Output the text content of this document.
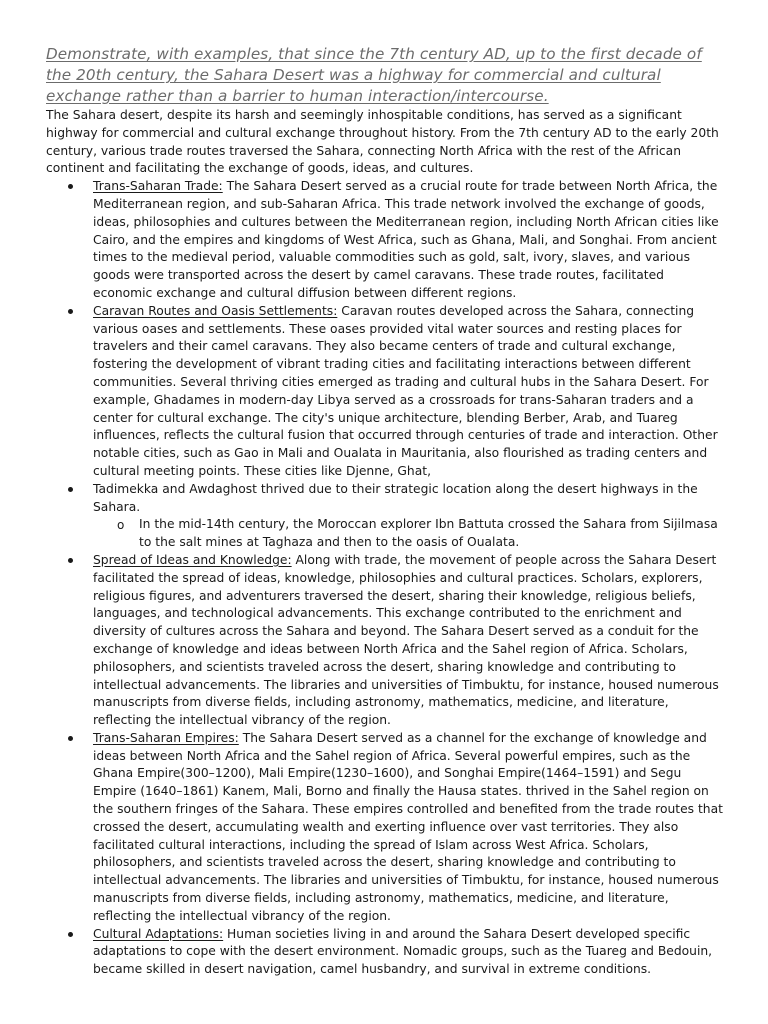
Demonstrate, with examples, that since the 7th century AD, up to the first decade of the 20th century, the Sahara Desert was a highway for commercial and cultural exchange rather than a barrier to human interaction/intercourse.

The Sahara desert, despite its harsh and seemingly inhospitable conditions, has served as a significant highway for commercial and cultural exchange throughout history. From the 7th century AD to the early 20th century, various trade routes traversed the Sahara, connecting North Africa with the rest of the African continent and facilitating the exchange of goods, ideas, and cultures.

Trans-Saharan Trade: The Sahara Desert served as a crucial route for trade between North Africa, the Mediterranean region, and sub-Saharan Africa. This trade network involved the exchange of goods, ideas, philosophies and cultures between the Mediterranean region, including North African cities like Cairo, and the empires and kingdoms of West Africa, such as Ghana, Mali, and Songhai. From ancient times to the medieval period, valuable commodities such as gold, salt, ivory, slaves, and various goods were transported across the desert by camel caravans. These trade routes, facilitated economic exchange and cultural diffusion between different regions.
Caravan Routes and Oasis Settlements: Caravan routes developed across the Sahara, connecting various oases and settlements. These oases provided vital water sources and resting places for travelers and their camel caravans. They also became centers of trade and cultural exchange, fostering the development of vibrant trading cities and facilitating interactions between different communities. Several thriving cities emerged as trading and cultural hubs in the Sahara Desert. For example, Ghadames in modern-day Libya served as a crossroads for trans-Saharan traders and a center for cultural exchange. The city's unique architecture, blending Berber, Arab, and Tuareg influences, reflects the cultural fusion that occurred through centuries of trade and interaction. Other notable cities, such as Gao in Mali and Oualata in Mauritania, also flourished as trading centers and cultural meeting points. These cities like Djenne, Ghat,
Tadimekka and Awdaghost thrived due to their strategic location along the desert highways in the Sahara.
o In the mid-14th century, the Moroccan explorer Ibn Battuta crossed the Sahara from Sijilmasa to the salt mines at Taghaza and then to the oasis of Oualata.
Spread of Ideas and Knowledge: Along with trade, the movement of people across the Sahara Desert facilitated the spread of ideas, knowledge, philosophies and cultural practices. Scholars, explorers, religious figures, and adventurers traversed the desert, sharing their knowledge, religious beliefs, languages, and technological advancements. This exchange contributed to the enrichment and diversity of cultures across the Sahara and beyond. The Sahara Desert served as a conduit for the exchange of knowledge and ideas between North Africa and the Sahel region of Africa. Scholars, philosophers, and scientists traveled across the desert, sharing knowledge and contributing to intellectual advancements. The libraries and universities of Timbuktu, for instance, housed numerous manuscripts from diverse fields, including astronomy, mathematics, medicine, and literature, reflecting the intellectual vibrancy of the region.
Trans-Saharan Empires: The Sahara Desert served as a channel for the exchange of knowledge and ideas between North Africa and the Sahel region of Africa. Several powerful empires, such as the Ghana Empire(300–1200), Mali Empire(1230–1600), and Songhai Empire(1464–1591) and Segu Empire (1640–1861) Kanem, Mali, Borno and finally the Hausa states. thrived in the Sahel region on the southern fringes of the Sahara. These empires controlled and benefited from the trade routes that crossed the desert, accumulating wealth and exerting influence over vast territories. They also facilitated cultural interactions, including the spread of Islam across West Africa. Scholars, philosophers, and scientists traveled across the desert, sharing knowledge and contributing to intellectual advancements. The libraries and universities of Timbuktu, for instance, housed numerous manuscripts from diverse fields, including astronomy, mathematics, medicine, and literature, reflecting the intellectual vibrancy of the region.
Cultural Adaptations: Human societies living in and around the Sahara Desert developed specific adaptations to cope with the desert environment. Nomadic groups, such as the Tuareg and Bedouin, became skilled in desert navigation, camel husbandry, and survival in extreme conditions.
